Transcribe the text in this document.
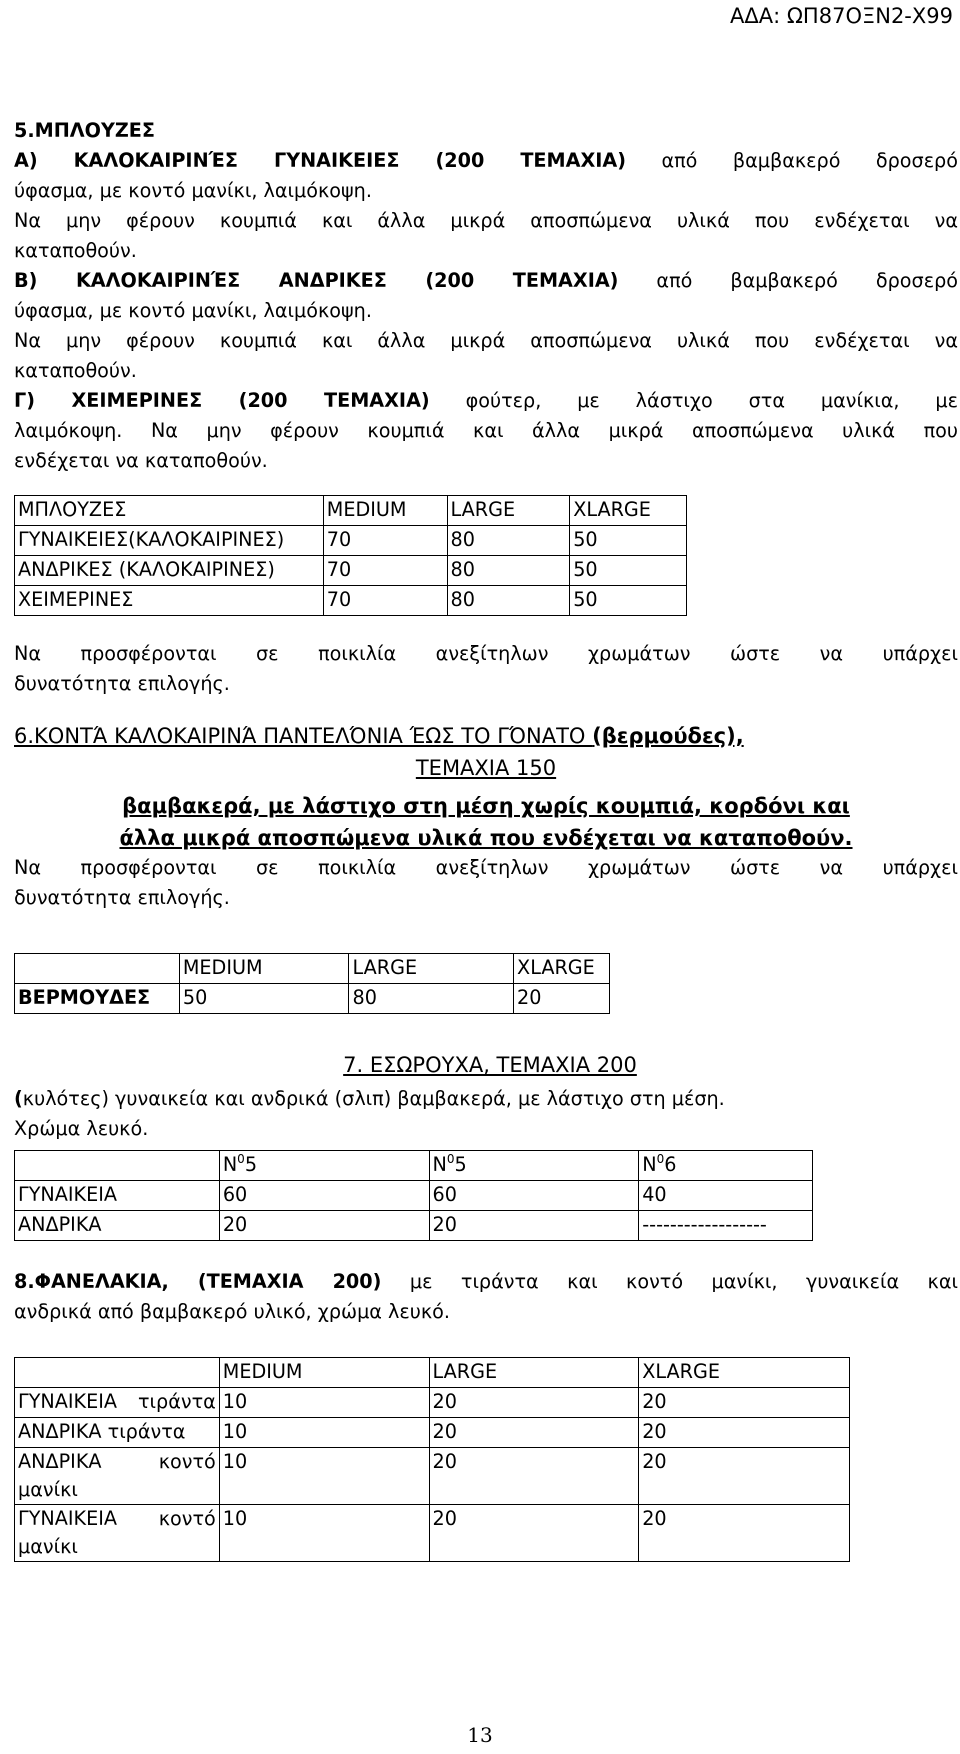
ΑΔΑ: ΩΠ87ΟΞΝ2-Χ99

5.ΜΠΛΟΥΖΕΣ

Α) ΚΑΛΟΚΑΙΡΙΝΈΣ ΓΥΝΑΙΚΕΙΕΣ (200 ΤΕΜΑΧΙΑ) από βαμβακερό δροσερό

ύφασμα, με κοντό μανίκι, λαιμόκοψη.

Να μην φέρουν κουμπιά και άλλα μικρά αποσπώμενα υλικά που ενδέχεται να

καταποθούν.

Β) ΚΑΛΟΚΑΙΡΙΝΈΣ ΑΝΔΡΙΚΕΣ (200 ΤΕΜΑΧΙΑ) από βαμβακερό δροσερό

ύφασμα, με κοντό μανίκι, λαιμόκοψη.

Να μην φέρουν κουμπιά και άλλα μικρά αποσπώμενα υλικά που ενδέχεται να

καταποθούν.

Γ) ΧΕΙΜΕΡΙΝΕΣ (200 ΤΕΜΑΧΙΑ) φούτερ, με λάστιχο στα μανίκια, με

λαιμόκοψη. Να μην φέρουν κουμπιά και άλλα μικρά αποσπώμενα υλικά που

ενδέχεται να καταποθούν.

ΜΠΛΟΥΖΕΣ	MEDIUM	LARGE	XLARGE
ΓΥΝΑΙΚΕΙΕΣ(ΚΑΛΟΚΑΙΡΙΝΕΣ)	70	80	50
ΑΝΔΡΙΚΕΣ (ΚΑΛΟΚΑΙΡΙΝΕΣ)	70	80	50
ΧΕΙΜΕΡΙΝΕΣ	70	80	50

Να προσφέρονται σε ποικιλία ανεξίτηλων χρωμάτων ώστε να υπάρχει

δυνατότητα επιλογής.

6.ΚΟΝΤΆ ΚΑΛΟΚΑΙΡΙΝΆ ΠΑΝΤΕΛΌΝΙΑ ΈΩΣ ΤΟ ΓΌΝΑΤΟ (βερμούδες),

ΤΕΜΑΧΙΑ 150

βαμβακερά, με λάστιχο στη μέση χωρίς κουμπιά, κορδόνι και

άλλα μικρά αποσπώμενα υλικά που ενδέχεται να καταποθούν.

Να προσφέρονται σε ποικιλία ανεξίτηλων χρωμάτων ώστε να υπάρχει

δυνατότητα επιλογής.

	MEDIUM	LARGE	XLARGE
ΒΕΡΜΟΥΔΕΣ	50	80	20

7. ΕΣΩΡΟΥΧΑ, ΤΕΜΑΧΙΑ 200

(κυλότες) γυναικεία και ανδρικά (σλιπ) βαμβακερά, με λάστιχο στη μέση.

Χρώμα λευκό.

	$N^05$	$N^05$	$N^06$
ΓΥΝΑΙΚΕΙΑ	60	60	40
ΑΝΔΡΙΚΑ	20	20	------------------

8.ΦΑΝΕΛΑΚΙΑ, (ΤΕΜΑΧΙΑ 200) με τιράντα και κοντό μανίκι, γυναικεία και

ανδρικά από βαμβακερό υλικό, χρώμα λευκό.

	MEDIUM	LARGE	XLARGE
ΓΥΝΑΙΚΕΙΑ τιράντα	10	20	20
ΑΝΔΡΙΚΑ τιράντα	10	20	20
ΑΝΔΡΙΚΑ κοντό μανίκι	10	20	20
ΓΥΝΑΙΚΕΙΑ κοντό μανίκι	10	20	20
13
